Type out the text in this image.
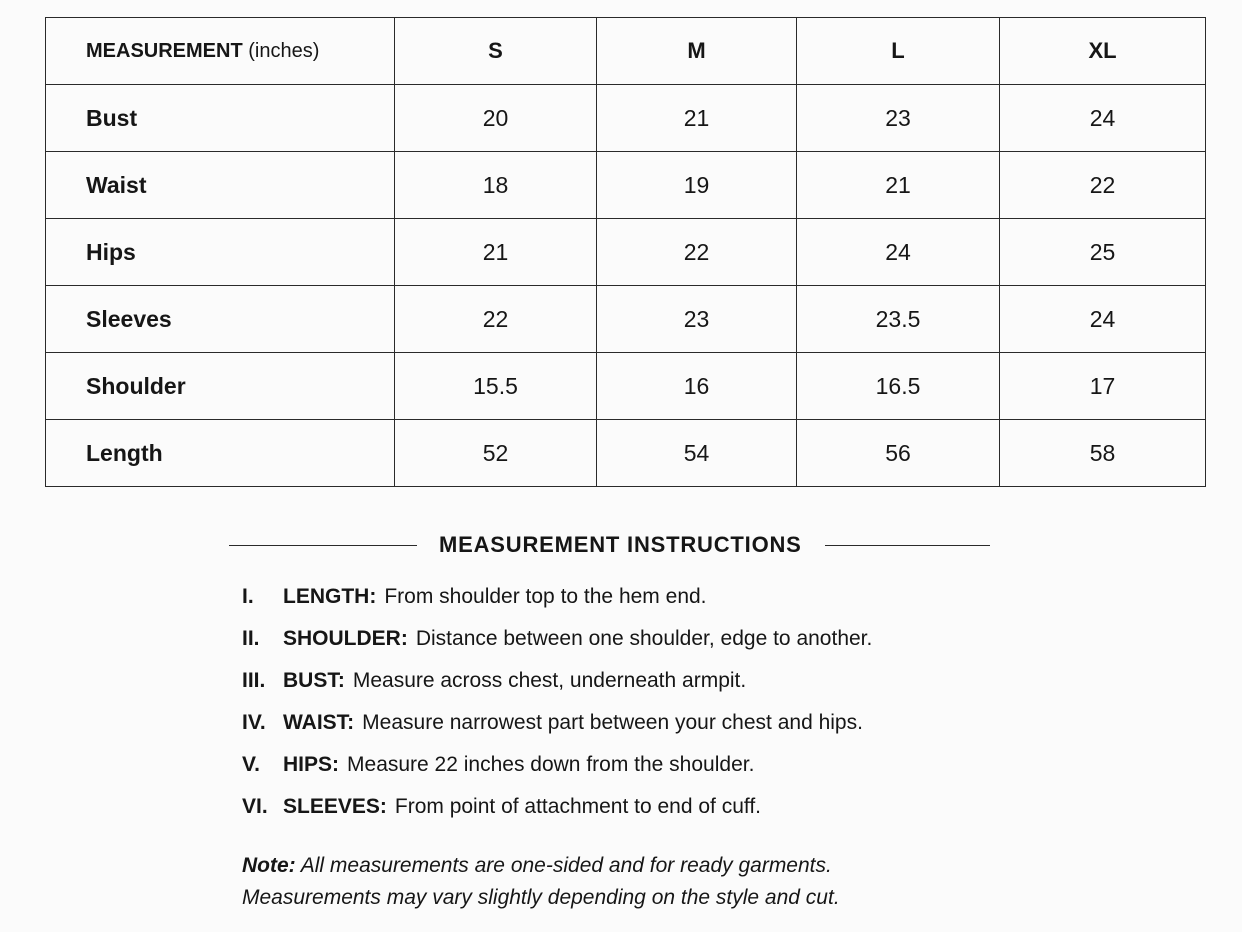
MEASUREMENT (inches)	S	M	L	XL
Bust	20	21	23	24
Waist	18	19	21	22
Hips	21	22	24	25
Sleeves	22	23	23.5	24
Shoulder	15.5	16	16.5	17
Length	52	54	56	58
MEASUREMENT INSTRUCTIONS
I.	LENGTH: From shoulder top to the hem end.
II.	SHOULDER: Distance between one shoulder, edge to another.
III. BUST: Measure across chest, underneath armpit.
IV. WAIST: Measure narrowest part between your chest and hips.
V.	HIPS: Measure 22 inches down from the shoulder.
VI. SLEEVES: From point of attachment to end of cuff.
Note: All measurements are one-sided and for ready garments.
Measurements may vary slightly depending on the style and cut.
